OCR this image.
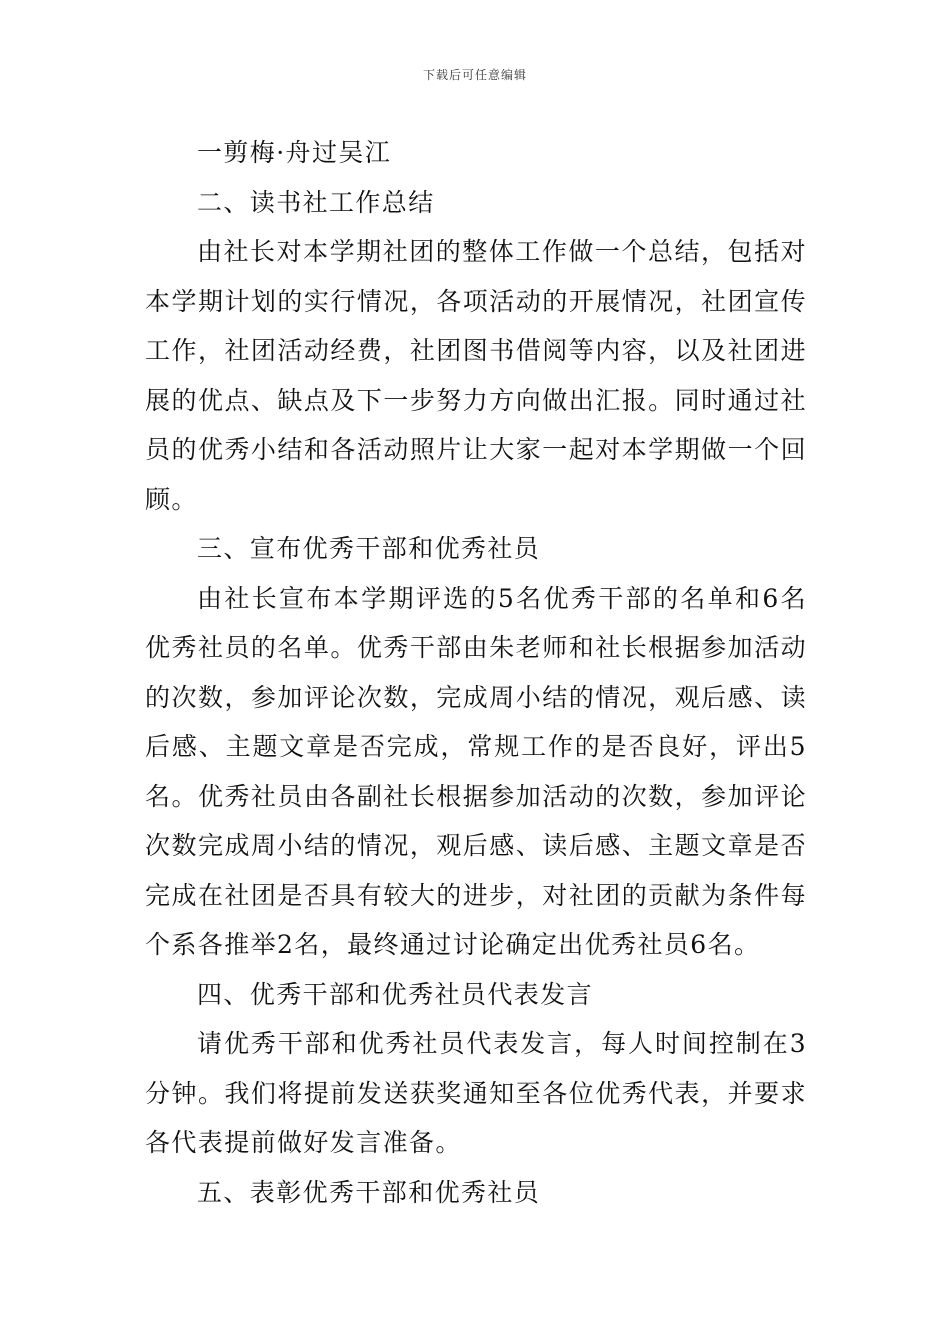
下载后可任意编辑

一剪梅·舟过吴江

二、读书社工作总结

由社长对本学期社团的整体工作做一个总结，包括对本学期计划的实行情况，各项活动的开展情况，社团宣传工作，社团活动经费，社团图书借阅等内容，以及社团进展的优点、缺点及下一步努力方向做出汇报。同时通过社员的优秀小结和各活动照片让大家一起对本学期做一个回顾。

三、宣布优秀干部和优秀社员

由社长宣布本学期评选的5名优秀干部的名单和6名优秀社员的名单。优秀干部由朱老师和社长根据参加活动的次数，参加评论次数，完成周小结的情况，观后感、读后感、主题文章是否完成，常规工作的是否良好，评出5名。优秀社员由各副社长根据参加活动的次数，参加评论次数完成周小结的情况，观后感、读后感、主题文章是否完成在社团是否具有较大的进步，对社团的贡献为条件每个系各推举2名，最终通过讨论确定出优秀社员6名。

四、优秀干部和优秀社员代表发言

请优秀干部和优秀社员代表发言，每人时间控制在3分钟。我们将提前发送获奖通知至各位优秀代表，并要求各代表提前做好发言准备。

五、表彰优秀干部和优秀社员
